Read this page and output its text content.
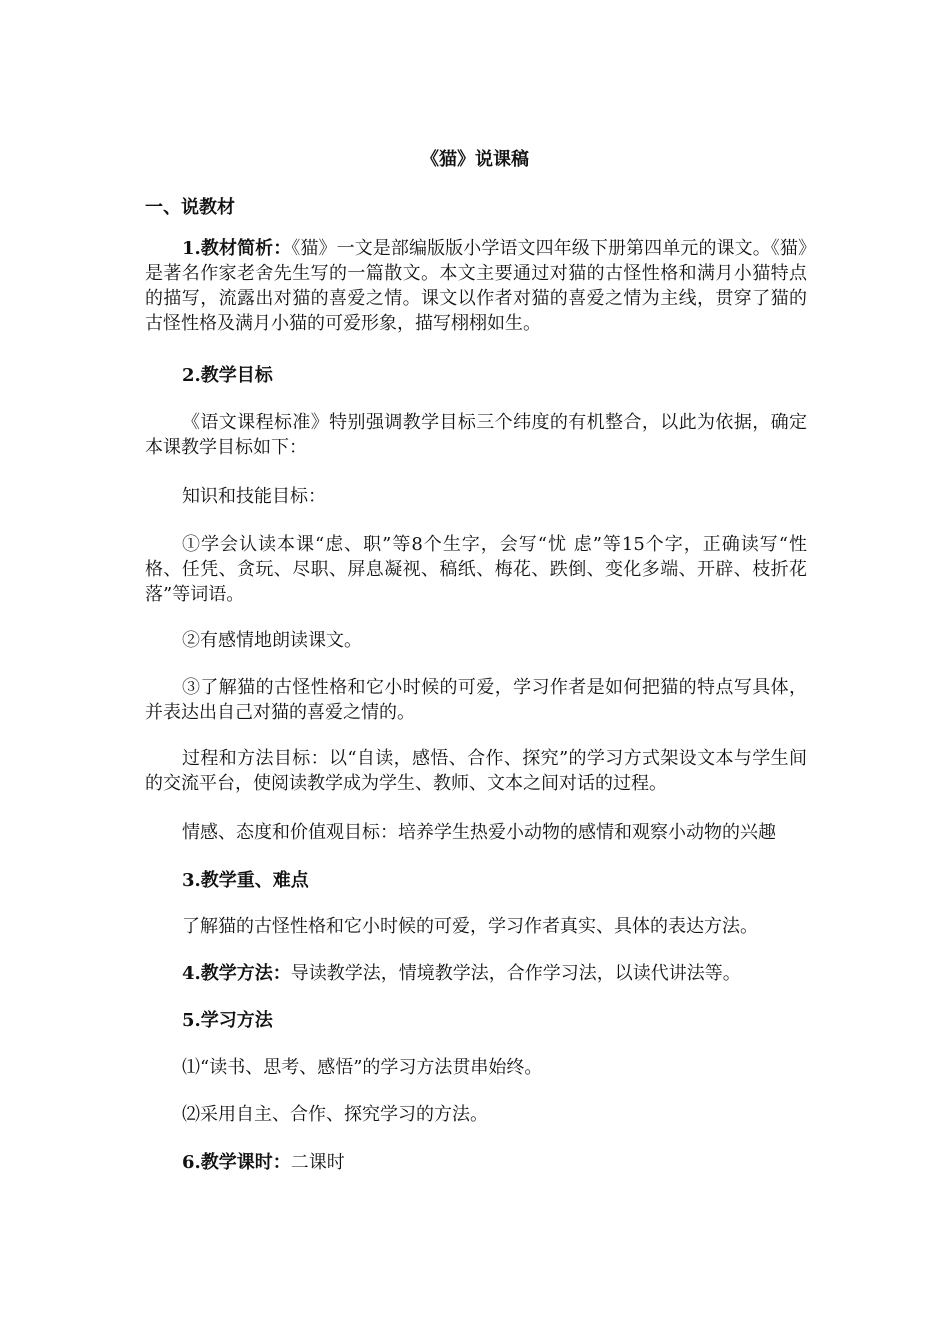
《猫》说课稿
一、说教材

1.教材简析：《猫》一文是部编版版小学语文四年级下册第四单元的课文。《猫》是著名作家老舍先生写的一篇散文。本文主要通过对猫的古怪性格和满月小猫特点的描写，流露出对猫的喜爱之情。课文以作者对猫的喜爱之情为主线，贯穿了猫的古怪性格及满月小猫的可爱形象，描写栩栩如生。

2.教学目标

《语文课程标准》特别强调教学目标三个纬度的有机整合，以此为依据，确定本课教学目标如下：

知识和技能目标：

①学会认读本课“虑、职”等8个生字，会写“忧 虑”等15个字，正确读写“性格、任凭、贪玩、尽职、屏息凝视、稿纸、梅花、跌倒、变化多端、开辟、枝折花落”等词语。

②有感情地朗读课文。

③了解猫的古怪性格和它小时候的可爱，学习作者是如何把猫的特点写具体，并表达出自己对猫的喜爱之情的。

过程和方法目标：以“自读，感悟、合作、探究”的学习方式架设文本与学生间的交流平台，使阅读教学成为学生、教师、文本之间对话的过程。

情感、态度和价值观目标：培养学生热爱小动物的感情和观察小动物的兴趣

3.教学重、难点

了解猫的古怪性格和它小时候的可爱，学习作者真实、具体的表达方法。

4.教学方法：导读教学法，情境教学法，合作学习法，以读代讲法等。

5.学习方法

⑴“读书、思考、感悟”的学习方法贯串始终。

⑵采用自主、合作、探究学习的方法。

6.教学课时：二课时
